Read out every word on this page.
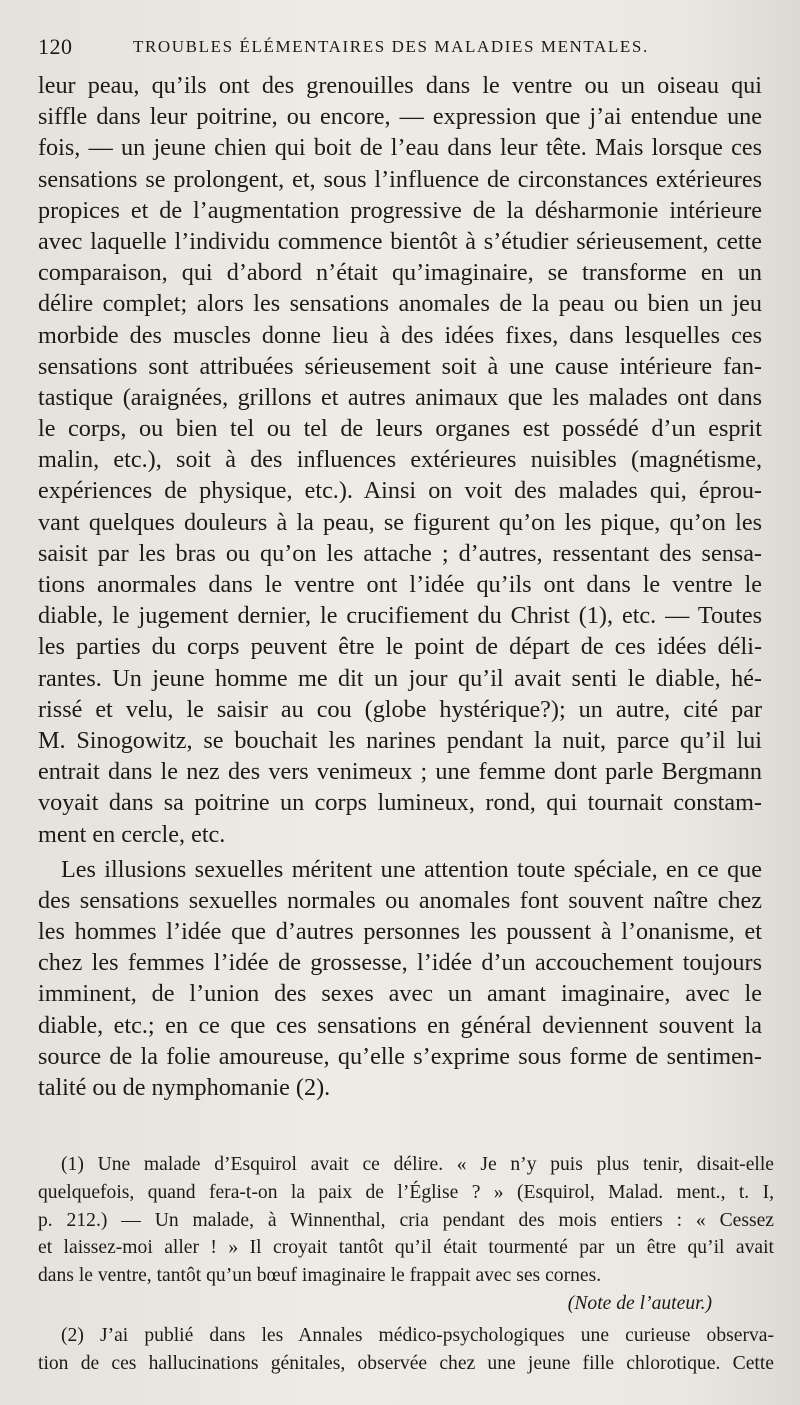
120	TROUBLES ÉLÉMENTAIRES DES MALADIES MENTALES.
leur peau, qu’ils ont des grenouilles dans le ventre ou un oiseau qui
siffle dans leur poitrine, ou encore, — expression que j’ai entendue une
fois, — un jeune chien qui boit de l’eau dans leur tête. Mais lorsque ces
sensations se prolongent, et, sous l’influence de circonstances extérieures
propices et de l’augmentation progressive de la désharmonie intérieure
avec laquelle l’individu commence bientôt à s’étudier sérieusement, cette
comparaison, qui d’abord n’était qu’imaginaire, se transforme en un
délire complet; alors les sensations anomales de la peau ou bien un jeu
morbide des muscles donne lieu à des idées fixes, dans lesquelles ces
sensations sont attribuées sérieusement soit à une cause intérieure fan-
tastique (araignées, grillons et autres animaux que les malades ont dans
le corps, ou bien tel ou tel de leurs organes est possédé d’un esprit
malin, etc.), soit à des influences extérieures nuisibles (magnétisme,
expériences de physique, etc.). Ainsi on voit des malades qui, éprou-
vant quelques douleurs à la peau, se figurent qu’on les pique, qu’on les
saisit par les bras ou qu’on les attache ; d’autres, ressentant des sensa-
tions anormales dans le ventre ont l’idée qu’ils ont dans le ventre le
diable, le jugement dernier, le crucifiement du Christ (1), etc. — Toutes
les parties du corps peuvent être le point de départ de ces idées déli-
rantes. Un jeune homme me dit un jour qu’il avait senti le diable, hé-
rissé et velu, le saisir au cou (globe hystérique?); un autre, cité par
M. Sinogowitz, se bouchait les narines pendant la nuit, parce qu’il lui
entrait dans le nez des vers venimeux ; une femme dont parle Bergmann
voyait dans sa poitrine un corps lumineux, rond, qui tournait constam-
ment en cercle, etc.
Les illusions sexuelles méritent une attention toute spéciale, en ce que
des sensations sexuelles normales ou anomales font souvent naître chez
les hommes l’idée que d’autres personnes les poussent à l’onanisme, et
chez les femmes l’idée de grossesse, l’idée d’un accouchement toujours
imminent, de l’union des sexes avec un amant imaginaire, avec le
diable, etc.; en ce que ces sensations en général deviennent souvent la
source de la folie amoureuse, qu’elle s’exprime sous forme de sentimen-
talité ou de nymphomanie (2).
(1) Une malade d’Esquirol avait ce délire. « Je n’y puis plus tenir, disait-elle
quelquefois, quand fera-t-on la paix de l’Église ? » (Esquirol, Malad. ment., t. I,
p. 212.) — Un malade, à Winnenthal, cria pendant des mois entiers : « Cessez
et laissez-moi aller ! » Il croyait tantôt qu’il était tourmenté par un être qu’il avait
dans le ventre, tantôt qu’un bœuf imaginaire le frappait avec ses cornes.
(Note de l’auteur.)
(2) J’ai publié dans les Annales médico-psychologiques une curieuse observa-
tion de ces hallucinations génitales, observée chez une jeune fille chlorotique. Cette
